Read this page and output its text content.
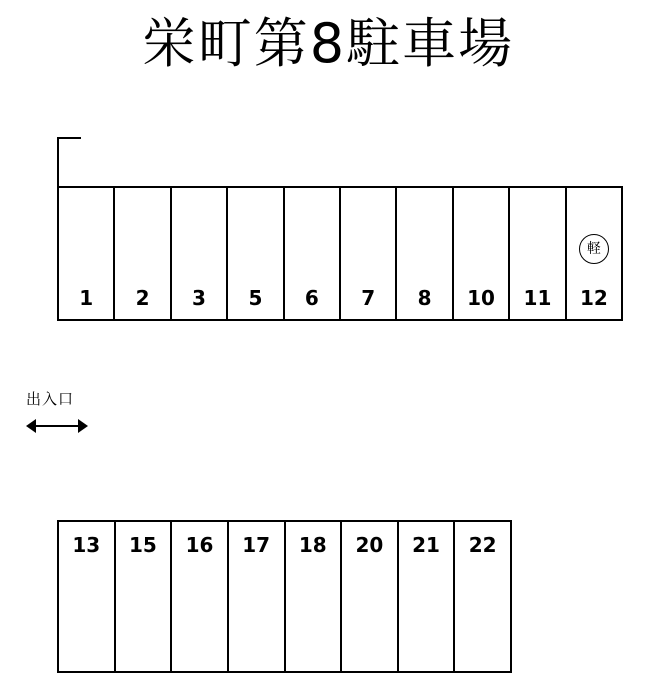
栄町第8駐車場
1	2	3	5	6	7	8	10	11
軽
12
出入口
13	15	16	17	18	20	21	22
